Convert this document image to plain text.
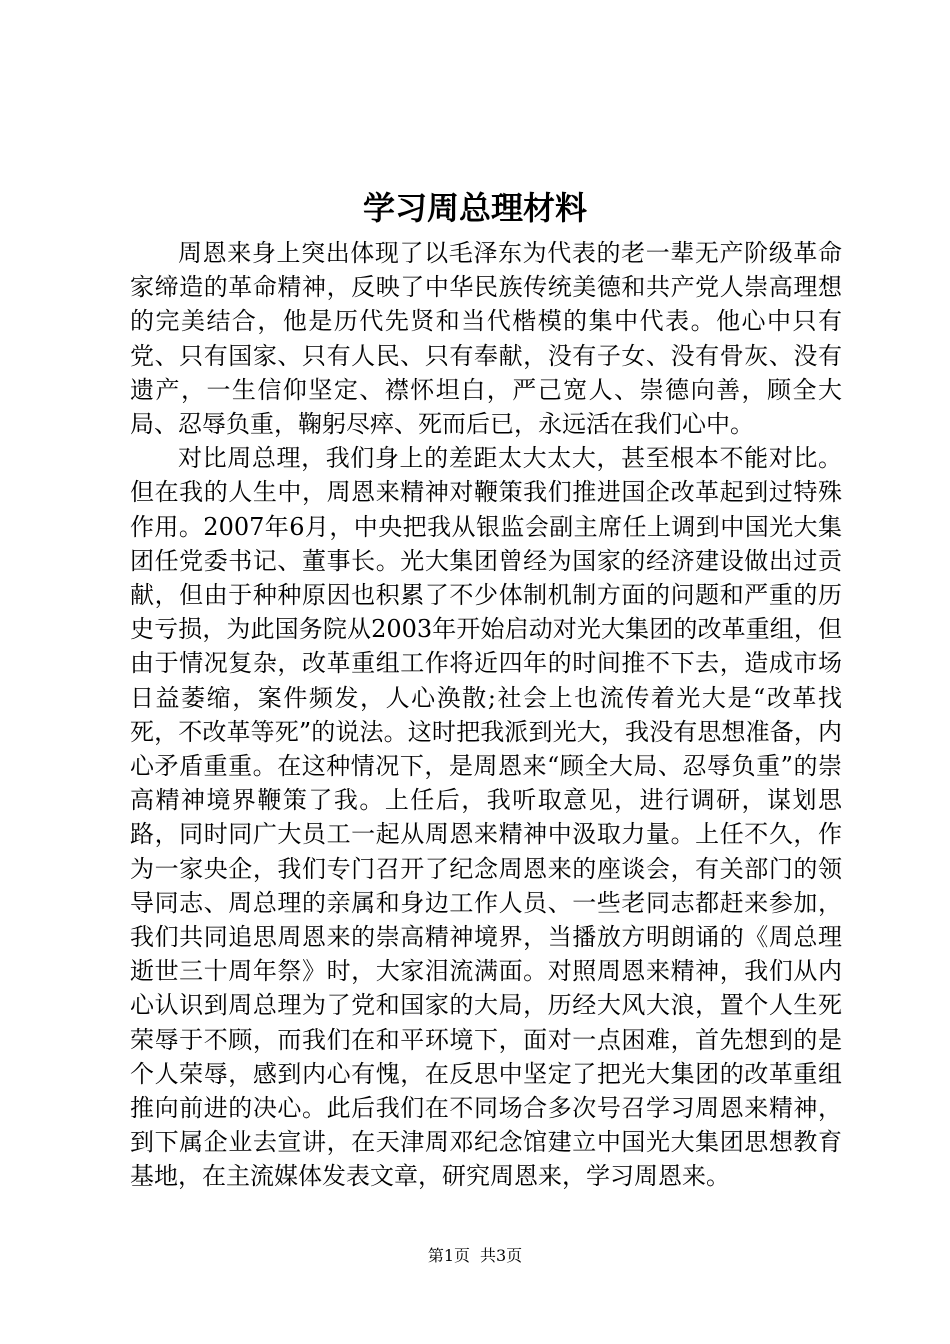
学习周总理材料

周恩来身上突出体现了以毛泽东为代表的老一辈无产阶级革命家缔造的革命精神，反映了中华民族传统美德和共产党人崇高理想的完美结合，他是历代先贤和当代楷模的集中代表。他心中只有党、只有国家、只有人民、只有奉献，没有子女、没有骨灰、没有遗产，一生信仰坚定、襟怀坦白，严己宽人、崇德向善，顾全大局、忍辱负重，鞠躬尽瘁、死而后已，永远活在我们心中。

对比周总理，我们身上的差距太大太大，甚至根本不能对比。但在我的人生中，周恩来精神对鞭策我们推进国企改革起到过特殊作用。2007年6月，中央把我从银监会副主席任上调到中国光大集团任党委书记、董事长。光大集团曾经为国家的经济建设做出过贡献，但由于种种原因也积累了不少体制机制方面的问题和严重的历史亏损，为此国务院从2003年开始启动对光大集团的改革重组，但由于情况复杂，改革重组工作将近四年的时间推不下去，造成市场日益萎缩，案件频发，人心涣散;社会上也流传着光大是“改革找死，不改革等死”的说法。这时把我派到光大，我没有思想准备，内心矛盾重重。在这种情况下，是周恩来“顾全大局、忍辱负重”的崇高精神境界鞭策了我。上任后，我听取意见，进行调研，谋划思路，同时同广大员工一起从周恩来精神中汲取力量。上任不久，作为一家央企，我们专门召开了纪念周恩来的座谈会，有关部门的领导同志、周总理的亲属和身边工作人员、一些老同志都赶来参加，我们共同追思周恩来的崇高精神境界，当播放方明朗诵的《周总理逝世三十周年祭》时，大家泪流满面。对照周恩来精神，我们从内心认识到周总理为了党和国家的大局，历经大风大浪，置个人生死荣辱于不顾，而我们在和平环境下，面对一点困难，首先想到的是个人荣辱，感到内心有愧，在反思中坚定了把光大集团的改革重组推向前进的决心。此后我们在不同场合多次号召学习周恩来精神，到下属企业去宣讲，在天津周邓纪念馆建立中国光大集团思想教育基地，在主流媒体发表文章，研究周恩来，学习周恩来。

第1页 共3页
